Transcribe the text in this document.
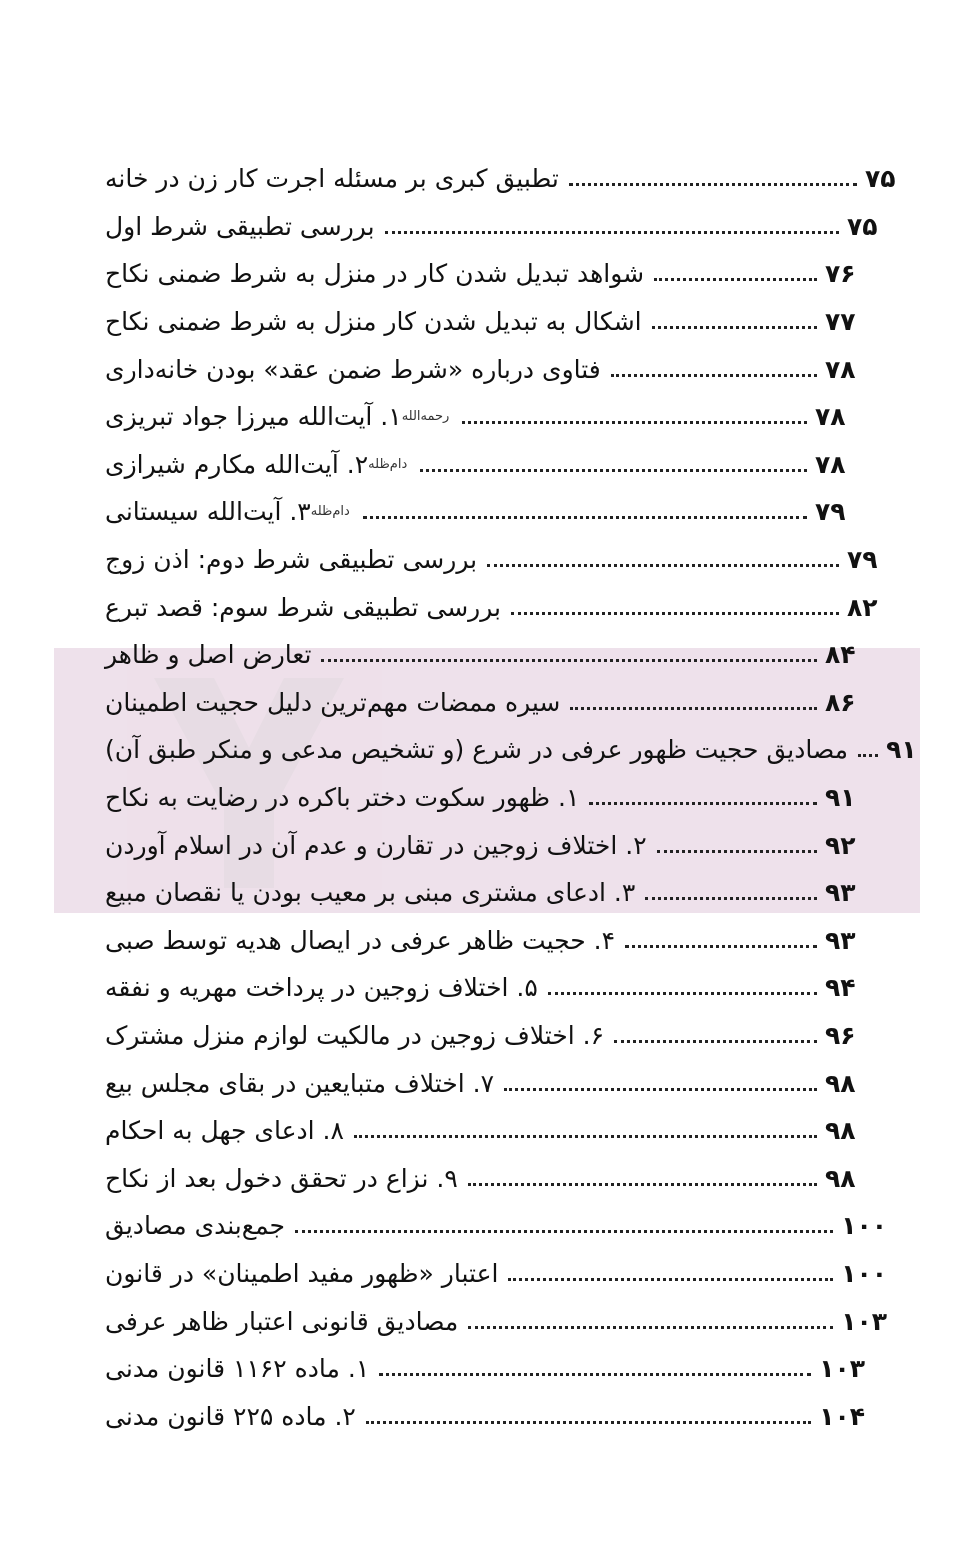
تطبیق کبری بر مسئله اجرت کار زن در خانه	۷۵
بررسی تطبیقی شرط اول	۷۵
شواهد تبدیل شدن کار در منزل به شرط ضمنی نکاح	۷۶
اشکال به تبدیل شدن کار منزل به شرط ضمنی نکاح	۷۷
فتاوی درباره «شرط ضمن عقد» بودن خانه‌داری	۷۸
۱. آیت‌الله میرزا جواد تبریزی رحمه‌الله	۷۸
۲. آیت‌الله مکارم شیرازی دام‌ظله	۷۸
۳. آیت‌الله سیستانی دام‌ظله	۷۹
بررسی تطبیقی شرط دوم: اذن زوج	۷۹
بررسی تطبیقی شرط سوم: قصد تبرع	۸۲
تعارض اصل و ظاهر	۸۴
سیره ممضات مهم‌ترین دلیل حجیت اطمینان	۸۶
مصادیق حجیت ظهور عرفی در شرع (و تشخیص مدعی و منکر طبق آن) ۹۱
۱. ظهور سکوت دختر باکره در رضایت به نکاح	۹۱
۲. اختلاف زوجین در تقارن و عدم آن در اسلام آوردن	۹۲
۳. ادعای مشتری مبنی بر معیب بودن یا نقصان مبیع	۹۳
۴. حجیت ظاهر عرفی در ایصال هدیه توسط صبی	۹۳
۵. اختلاف زوجین در پرداخت مهریه و نفقه	۹۴
۶. اختلاف زوجین در مالکیت لوازم منزل مشترک	۹۶
۷. اختلاف متبایعین در بقای مجلس بیع	۹۸
۸. ادعای جهل به احکام	۹۸
۹. نزاع در تحقق دخول بعد از نکاح	۹۸
جمع‌بندی مصادیق	۱۰۰
اعتبار «ظهور مفید اطمینان» در قانون	۱۰۰
مصادیق قانونی اعتبار ظاهر عرفی	۱۰۳
۱. ماده ۱۱۶۲ قانون مدنی	۱۰۳
۲. ماده ۲۲۵ قانون مدنی	۱۰۴
